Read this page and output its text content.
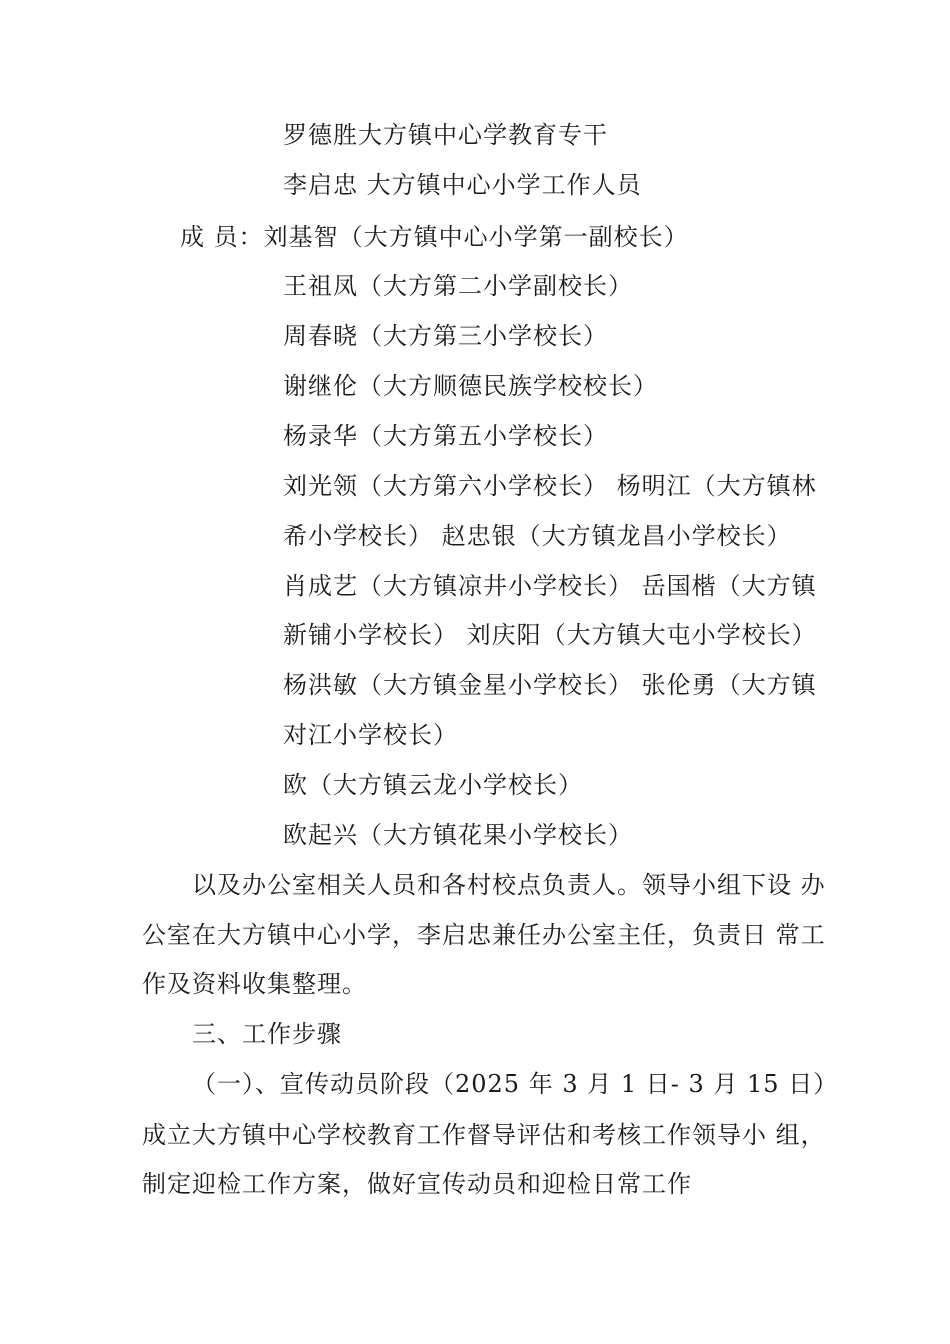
罗德胜大方镇中心学教育专干
李启忠 大方镇中心小学工作人员
成 员：刘基智（大方镇中心小学第一副校长）
王祖凤（大方第二小学副校长）
周春晓（大方第三小学校长）
谢继伦（大方顺德民族学校校长）
杨录华（大方第五小学校长）
刘光领（大方第六小学校长） 杨明江（大方镇林
希小学校长） 赵忠银（大方镇龙昌小学校长）
肖成艺（大方镇凉井小学校长） 岳国楷（大方镇
新铺小学校长） 刘庆阳（大方镇大屯小学校长）
杨洪敏（大方镇金星小学校长） 张伦勇（大方镇
对江小学校长）
欧（大方镇云龙小学校长）
欧起兴（大方镇花果小学校长）
以及办公室相关人员和各村校点负责人。领导小组下设 办
公室在大方镇中心小学，李启忠兼任办公室主任，负责日 常工
作及资料收集整理。
三、工作步骤
（一）、宣传动员阶段（2025 年 3 月 1 日- 3 月 15 日）
成立大方镇中心学校教育工作督导评估和考核工作领导小 组，
制定迎检工作方案，做好宣传动员和迎检日常工作
